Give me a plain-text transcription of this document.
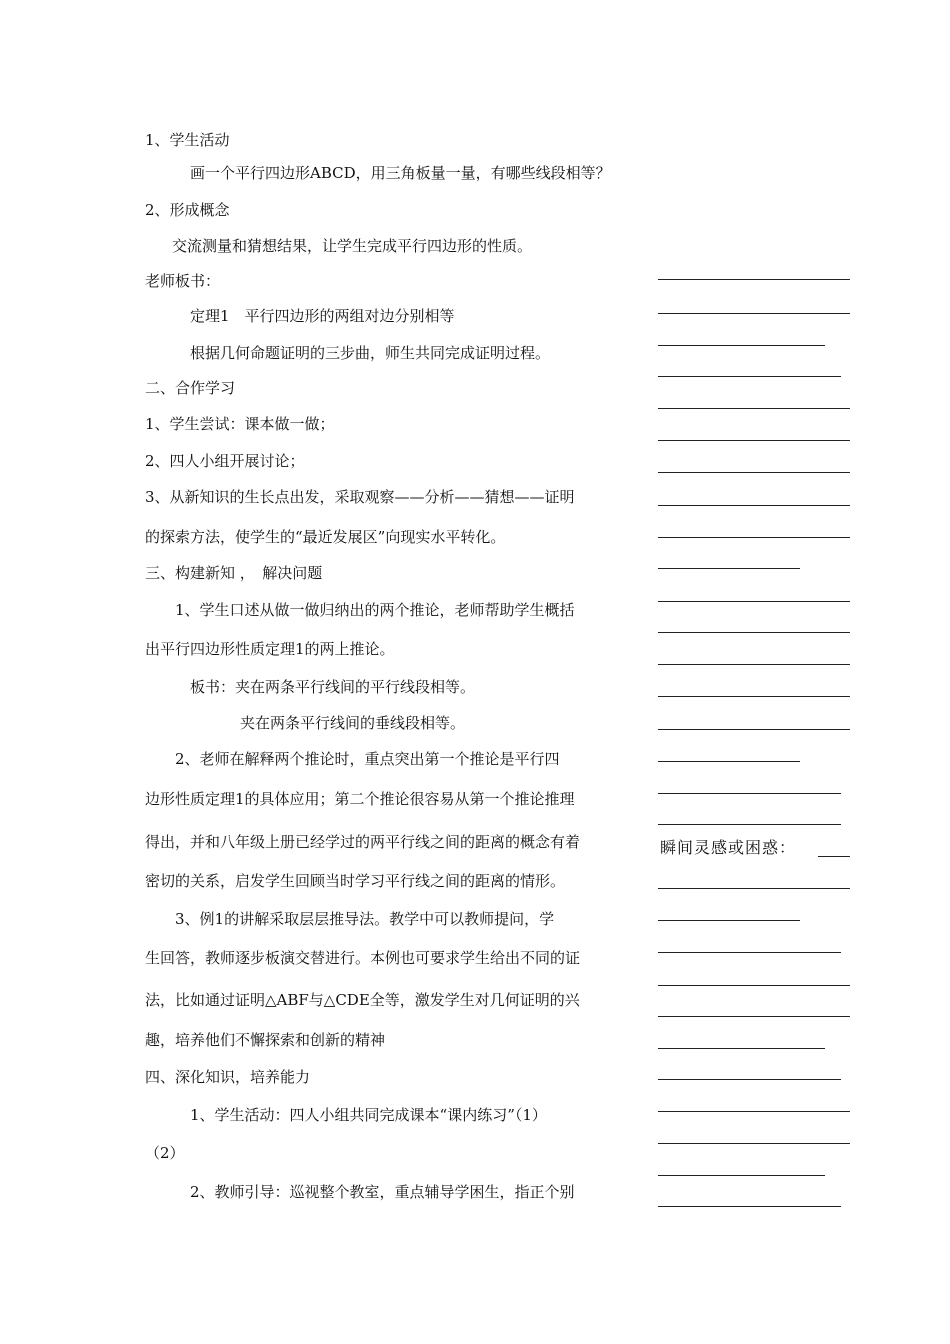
1、学生活动
画一个平行四边形ABCD，用三角板量一量，有哪些线段相等？
2、形成概念
交流测量和猜想结果，让学生完成平行四边形的性质。
老师板书：
定理1　平行四边形的两组对边分别相等
根据几何命题证明的三步曲，师生共同完成证明过程。
二、合作学习
1、学生尝试：课本做一做；
2、四人小组开展讨论；
3、从新知识的生长点出发，采取观察——分析——猜想——证明
的探索方法，使学生的“最近发展区”向现实水平转化。
三、构建新知 ，　解决问题
1、学生口述从做一做归纳出的两个推论，老师帮助学生概括
出平行四边形性质定理1的两上推论。
板书：夹在两条平行线间的平行线段相等。
夹在两条平行线间的垂线段相等。
2、老师在解释两个推论时，重点突出第一个推论是平行四
边形性质定理1的具体应用；第二个推论很容易从第一个推论推理
得出，并和八年级上册已经学过的两平行线之间的距离的概念有着
密切的关系，启发学生回顾当时学习平行线之间的距离的情形。
3、例1的讲解采取层层推导法。教学中可以教师提问，学
生回答，教师逐步板演交替进行。本例也可要求学生给出不同的证
法，比如通过证明△ABF与△CDE全等，激发学生对几何证明的兴
趣，培养他们不懈探索和创新的精神
四、深化知识，培养能力
1、学生活动：四人小组共同完成课本“课内练习”（1）
（2）
2、教师引导：巡视整个教室，重点辅导学困生，指正个别
瞬间灵感或困惑：
